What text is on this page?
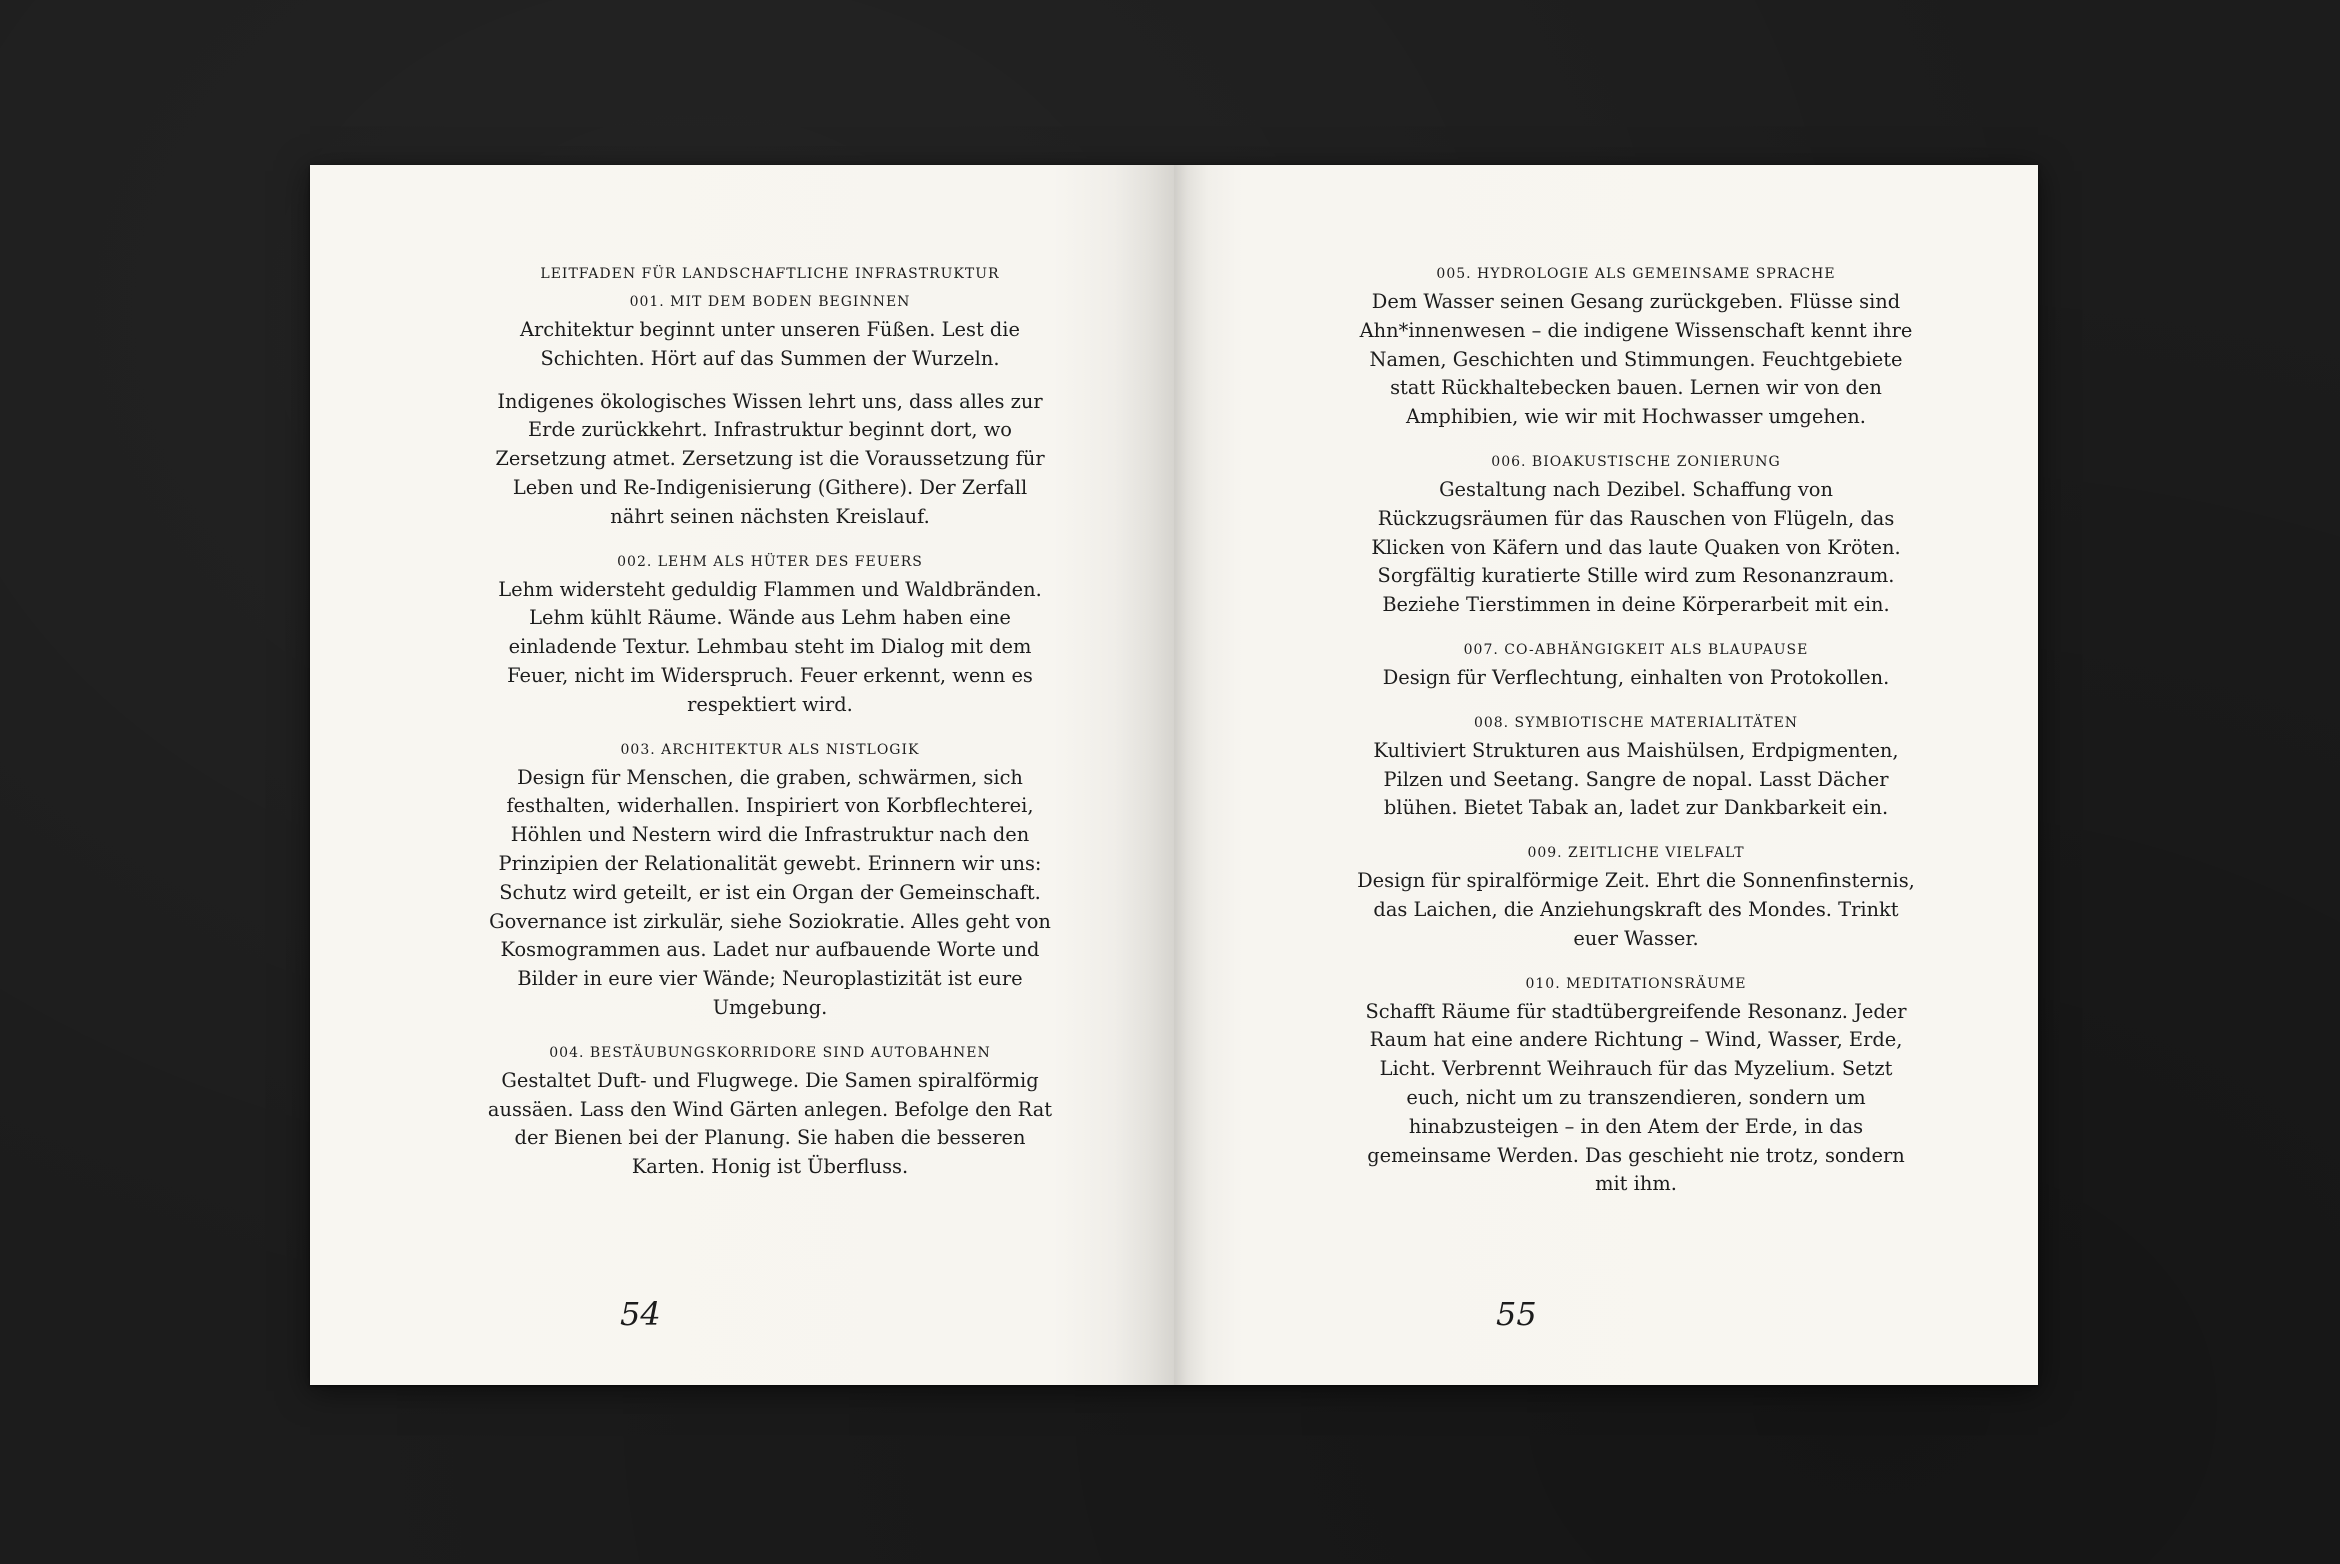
LEITFADEN FÜR LANDSCHAFTLICHE INFRASTRUKTUR
001. MIT DEM BODEN BEGINNEN

Architektur beginnt unter unseren Füßen. Lest die Schichten. Hört auf das Summen der Wurzeln.

Indigenes ökologisches Wissen lehrt uns, dass alles zur Erde zurückkehrt. Infrastruktur beginnt dort, wo Zersetzung atmet. Zersetzung ist die Voraussetzung für Leben und Re-Indigenisierung (Githere). Der Zerfall nährt seinen nächsten Kreislauf.

002. LEHM ALS HÜTER DES FEUERS

Lehm widersteht geduldig Flammen und Waldbränden. Lehm kühlt Räume. Wände aus Lehm haben eine einladende Textur. Lehmbau steht im Dialog mit dem Feuer, nicht im Widerspruch. Feuer erkennt, wenn es respektiert wird.

003. ARCHITEKTUR ALS NISTLOGIK

Design für Menschen, die graben, schwärmen, sich festhalten, widerhallen. Inspiriert von Korbflechterei, Höhlen und Nestern wird die Infrastruktur nach den Prinzipien der Relationalität gewebt. Erinnern wir uns: Schutz wird geteilt, er ist ein Organ der Gemeinschaft. Governance ist zirkulär, siehe Soziokratie. Alles geht von Kosmogrammen aus. Ladet nur aufbauende Worte und Bilder in eure vier Wände; Neuroplastizität ist eure Umgebung.

004. BESTÄUBUNGSKORRIDORE SIND AUTOBAHNEN

Gestaltet Duft- und Flugwege. Die Samen spiralförmig aussäen. Lass den Wind Gärten anlegen. Befolge den Rat der Bienen bei der Planung. Sie haben die besseren Karten. Honig ist Überfluss.

54
005. HYDROLOGIE ALS GEMEINSAME SPRACHE

Dem Wasser seinen Gesang zurückgeben. Flüsse sind Ahn*innenwesen – die indigene Wissenschaft kennt ihre Namen, Geschichten und Stimmungen. Feuchtgebiete statt Rückhaltebecken bauen. Lernen wir von den Amphibien, wie wir mit Hochwasser umgehen.

006. BIOAKUSTISCHE ZONIERUNG

Gestaltung nach Dezibel. Schaffung von Rückzugsräumen für das Rauschen von Flügeln, das Klicken von Käfern und das laute Quaken von Kröten. Sorgfältig kuratierte Stille wird zum Resonanzraum. Beziehe Tierstimmen in deine Körperarbeit mit ein.

007. CO-ABHÄNGIGKEIT ALS BLAUPAUSE

Design für Verflechtung, einhalten von Protokollen.

008. SYMBIOTISCHE MATERIALITÄTEN

Kultiviert Strukturen aus Maishülsen, Erdpigmenten, Pilzen und Seetang. Sangre de nopal. Lasst Dächer blühen. Bietet Tabak an, ladet zur Dankbarkeit ein.

009. ZEITLICHE VIELFALT

Design für spiralförmige Zeit. Ehrt die Sonnenfinsternis, das Laichen, die Anziehungskraft des Mondes. Trinkt euer Wasser.

010. MEDITATIONSRÄUME

Schafft Räume für stadtübergreifende Resonanz. Jeder Raum hat eine andere Richtung – Wind, Wasser, Erde, Licht. Verbrennt Weihrauch für das Myzelium. Setzt euch, nicht um zu transzendieren, sondern um hinabzusteigen – in den Atem der Erde, in das gemeinsame Werden. Das geschieht nie trotz, sondern mit ihm.

55
